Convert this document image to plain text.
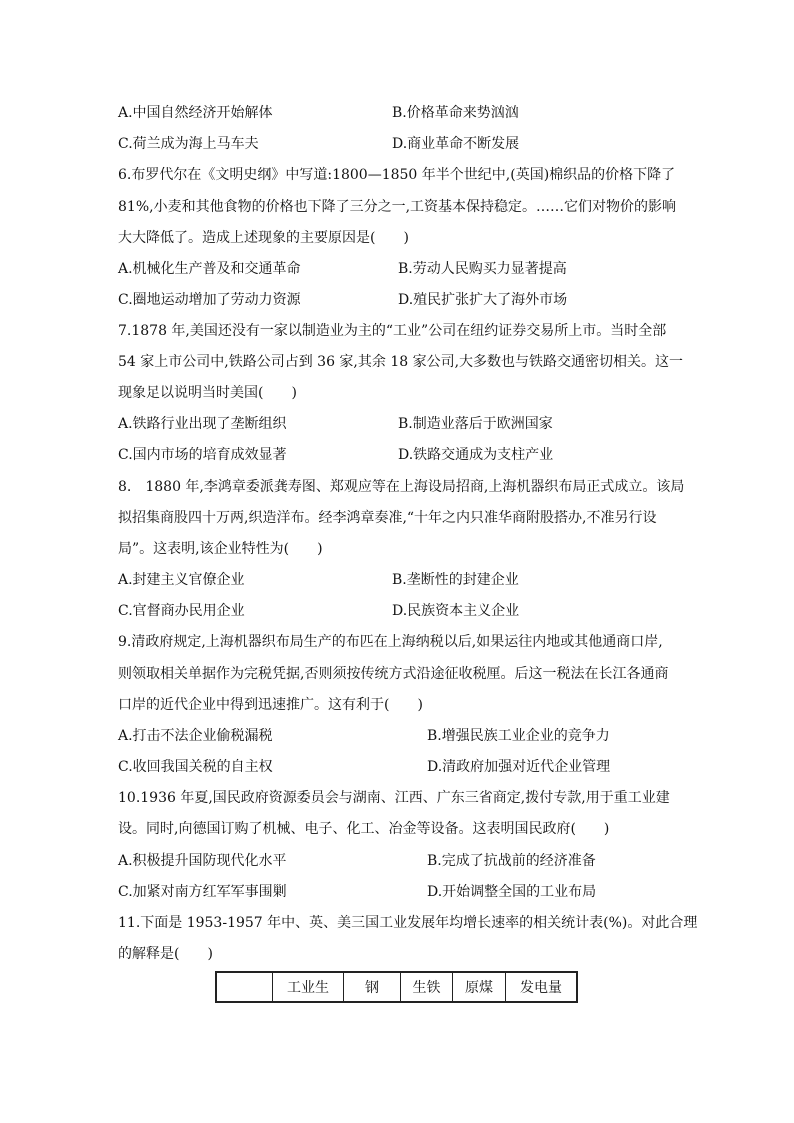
A.中国自然经济开始解体	B.价格革命来势汹汹
C.荷兰成为海上马车夫	D.商业革命不断发展
6.布罗代尔在《文明史纲》中写道:1800—1850 年半个世纪中,(英国)棉织品的价格下降了
81%,小麦和其他食物的价格也下降了三分之一,工资基本保持稳定。……它们对物价的影响
大大降低了。造成上述现象的主要原因是(　　)
A.机械化生产普及和交通革命	B.劳动人民购买力显著提高
C.圈地运动增加了劳动力资源	D.殖民扩张扩大了海外市场
7.1878 年,美国还没有一家以制造业为主的“工业”公司在纽约证券交易所上市。当时全部
54 家上市公司中,铁路公司占到 36 家,其余 18 家公司,大多数也与铁路交通密切相关。这一
现象足以说明当时美国(　　)
A.铁路行业出现了垄断组织	B.制造业落后于欧洲国家
C.国内市场的培育成效显著	D.铁路交通成为支柱产业
8.　1880 年,李鸿章委派龚寿图、郑观应等在上海设局招商,上海机器织布局正式成立。该局
拟招集商股四十万两,织造洋布。经李鸿章奏准,“十年之内只准华商附股搭办,不准另行设
局”。这表明,该企业特性为(　　)
A.封建主义官僚企业	B.垄断性的封建企业
C.官督商办民用企业	D.民族资本主义企业
9.清政府规定,上海机器织布局生产的布匹在上海纳税以后,如果运往内地或其他通商口岸,
则领取相关单据作为完税凭据,否则须按传统方式沿途征收税厘。后这一税法在长江各通商
口岸的近代企业中得到迅速推广。这有利于(　　)
A.打击不法企业偷税漏税	B.增强民族工业企业的竞争力
C.收回我国关税的自主权	D.清政府加强对近代企业管理
10.1936 年夏,国民政府资源委员会与湖南、江西、广东三省商定,拨付专款,用于重工业建
设。同时,向德国订购了机械、电子、化工、冶金等设备。这表明国民政府(　　)
A.积极提升国防现代化水平	B.完成了抗战前的经济准备
C.加紧对南方红军军事围剿	D.开始调整全国的工业布局
11.下面是 1953-1957 年中、英、美三国工业发展年均增长速率的相关统计表(%)。对此合理
的解释是(　　)
	工业生	钢	生铁	原煤	发电量
